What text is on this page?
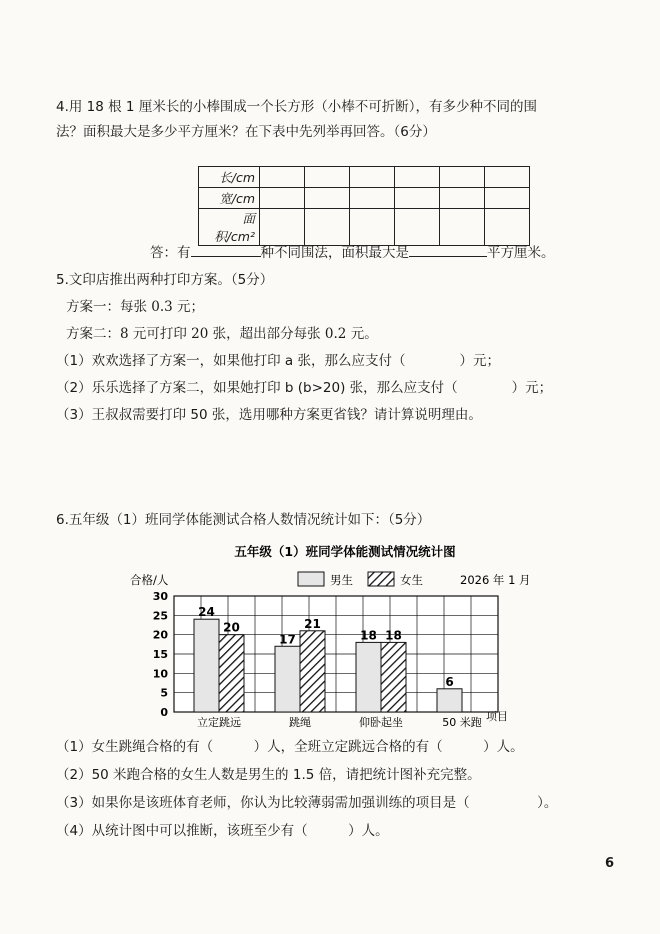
4.用 18 根 1 厘米长的小棒围成一个长方形（小棒不可折断），有多少种不同的围
法？面积最大是多少平方厘米？在下表中先列举再回答。（6分）
长/cm						
宽/cm						
面积/cm²						
答：有	种不同围法，面积最大是	平方厘米。
5.文印店推出两种打印方案。（5分）
方案一：每张 0.3 元；
方案二：8 元可打印 20 张，超出部分每张 0.2 元。
（1）欢欢选择了方案一，如果他打印 a 张，那么应支付（　　　　）元；
（2）乐乐选择了方案二，如果她打印 b (b>20) 张，那么应支付（　　　　）元；
（3）王叔叔需要打印 50 张，选用哪种方案更省钱？请计算说明理由。
6.五年级（1）班同学体能测试合格人数情况统计如下：（5分）
五年级（1）班同学体能测试情况统计图
合格/人	男生	女生	2026 年 1 月
0
5
10
15
20
25
30
24
20
立定跳远
17
21
跳绳
18 18
仰卧起坐
6
50 米跑 项目
（1）女生跳绳合格的有（　　　）人，全班立定跳远合格的有（　　　）人。
（2）50 米跑合格的女生人数是男生的 1.5 倍，请把统计图补充完整。
（3）如果你是该班体育老师，你认为比较薄弱需加强训练的项目是（　　　　　）。
（4）从统计图中可以推断，该班至少有（　　　）人。
6
